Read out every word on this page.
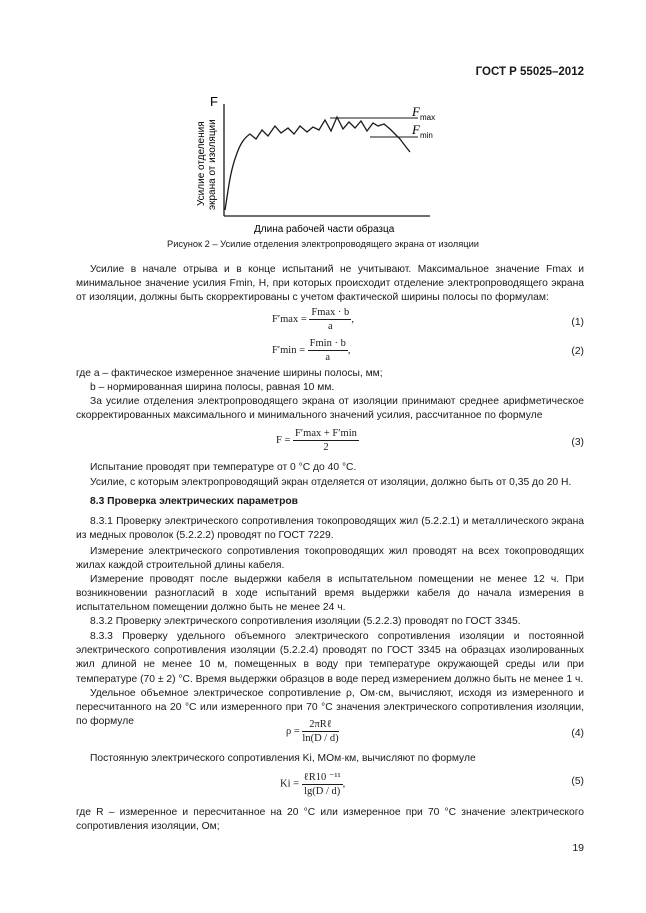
ГОСТ Р 55025–2012
F
Усилие отделения экрана от изоляции
Длина рабочей части образца
$F_{max}$
$F_{min}$
Рисунок 2 – Усилие отделения электропроводящего экрана от изоляции
Усилие в начале отрыва и в конце испытаний не учитывают. Максимальное значение Fmax и минимальное значение усилия Fmin, Н, при которых происходит отделение электропроводящего экрана от изоляции, должны быть скорректированы с учетом фактической ширины полосы по формулам:
$F'\max = \frac{Fmax \cdot b}{a}$ ,	(1)
$F'\min = \frac{Fmin \cdot b}{a}$ ,	(2)
где a – фактическое измеренное значение ширины полосы, мм;
b – нормированная ширина полосы, равная 10 мм.
За усилие отделения электропроводящего экрана от изоляции принимают среднее арифметическое скорректированных максимального и минимального значений усилия, рассчитанное по формуле
$F = \frac{F'\max + F'\min}{2}$	(3)
Испытание проводят при температуре от 0 °С до 40 °С.
Усилие, с которым электропроводящий экран отделяется от изоляции, должно быть от 0,35 до 20 Н.
8.3 Проверка электрических параметров
8.3.1 Проверку электрического сопротивления токопроводящих жил (5.2.2.1) и металлического экрана из медных проволок (5.2.2.2) проводят по ГОСТ 7229.
Измерение электрического сопротивления токопроводящих жил проводят на всех токопроводящих жилах каждой строительной длины кабеля.
Измерение проводят после выдержки кабеля в испытательном помещении не менее 12 ч. При возникновении разногласий в ходе испытаний время выдержки кабеля до начала измерения в испытательном помещении должно быть не менее 24 ч.
8.3.2 Проверку электрического сопротивления изоляции (5.2.2.3) проводят по ГОСТ 3345.
8.3.3 Проверку удельного объемного электрического сопротивления изоляции и постоянной электрического сопротивления изоляции (5.2.2.4) проводят по ГОСТ 3345 на образцах изолированных жил длиной не менее 10 м, помещенных в воду при температуре окружающей среды или при температуре (70 ± 2) °С. Время выдержки образцов в воде перед измерением должно быть не менее 1 ч.
Удельное объемное электрическое сопротивление ρ, Ом·см, вычисляют, исходя из измеренного и пересчитанного на 20 °С или измеренного при 70 °С значения электрического сопротивления изоляции, по формуле
$\rho = \frac{\text{2πRℓ}}{\ln(D / d)}$	(4)
Постоянную электрического сопротивления Ki, МОм·км, вычисляют по формуле
$Ki = \frac{\text{ℓR10 ⁻¹¹}}{\lg(D / d)}$ ,	(5)
где R – измеренное и пересчитанное на 20 °С или измеренное при 70 °С значение электрического сопротивления изоляции, Ом;
19
